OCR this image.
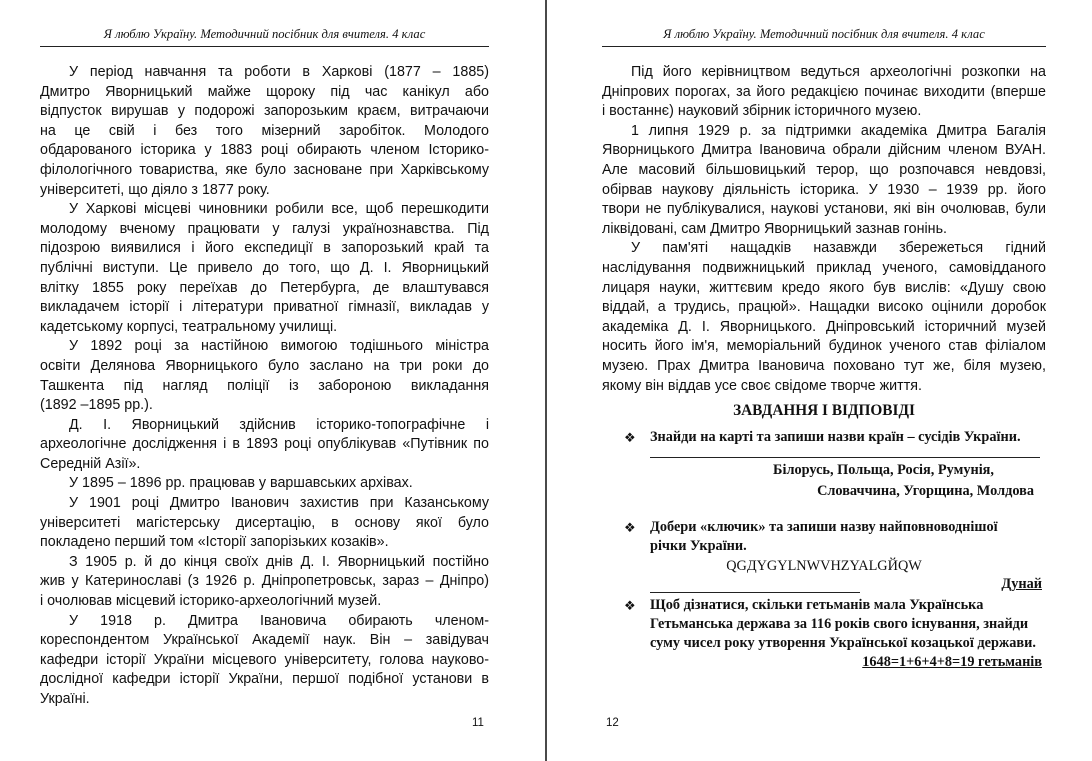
Я люблю Україну. Методичний посібник для вчителя. 4 клас

У період навчання та роботи в Харкові (1877 – 1885)
Дмитро Яворницький майже щороку під час канікул або
відпусток вирушав у подорожі запорозьким краєм, витрачаючи
на це свій і без того мізерний заробіток. Молодого
обдарованого історика у 1883 році обирають членом Історико-
філологічного товариства, яке було засноване при Харківському
університеті, що діяло з 1877 року.

У Харкові місцеві чиновники робили все, щоб перешкодити
молодому вченому працювати у галузі українознавства. Під
підозрою виявилися і його експедиції в запорозький край та
публічні виступи. Це привело до того, що Д. І. Яворницький
влітку 1855 року переїхав до Петербурга, де влаштувався
викладачем історії і літератури приватної гімназії, викладав у
кадетському корпусі, театральному училищі.

У 1892 році за настійною вимогою тодішнього міністра
освіти Делянова Яворницького було заслано на три роки до
Ташкента під нагляд поліції із забороною викладання
(1892 –1895 рр.).

Д. І. Яворницький здійснив історико-топографічне і
археологічне дослідження і в 1893 році опублікував «Путівник по
Середній Азії».

У 1895 – 1896 рр. працював у варшавських архівах.

У 1901 році Дмитро Іванович захистив при Казанському
університеті магістерську дисертацію, в основу якої було
покладено перший том «Історії запорізьких козаків».

З 1905 р. й до кінця своїх днів Д. І. Яворницький постійно
жив у Катеринославі (з 1926 р. Дніпропетровськ, зараз – Дніпро)
і очолював місцевий історико-археологічний музей.

У 1918 р. Дмитра Івановича обирають членом-
кореспондентом Української Академії наук. Він – завідувач
кафедри історії України місцевого університету, голова науково-
дослідної кафедри історії України, першої подібної установи в
Україні.

11
Я люблю Україну. Методичний посібник для вчителя. 4 клас

Під його керівництвом ведуться археологічні розкопки на
Дніпрових порогах, за його редакцією починає виходити (вперше
і востаннє) науковий збірник історичного музею.

1 липня 1929 р. за підтримки академіка Дмитра Багалія
Яворницького Дмитра Івановича обрали дійсним членом ВУАН.
Але масовий більшовицький терор, що розпочався невдовзі,
обірвав наукову діяльність історика. У 1930 – 1939 рр. його
твори не публікувалися, наукові установи, які він очолював, були
ліквідовані, сам Дмитро Яворницький зазнав гонінь.

У пам'яті нащадків назавжди збережеться гідний
наслідування подвижницький приклад ученого, самовідданого
лицаря науки, життєвим кредо якого був вислів: «Душу свою
віддай, а трудись, працюй». Нащадки високо оцінили доробок
академіка Д. І. Яворницького. Дніпровський історичний музей
носить його ім'я, меморіальний будинок ученого став філіалом
музею. Прах Дмитра Івановича поховано тут же, біля музею,
якому він віддав усе своє свідоме творче життя.

ЗАВДАННЯ І ВІДПОВІДІ
❖ Знайди на карті та запиши назви країн – сусідів України.
Білорусь, Польща, Росія, Румунія,
Словаччина, Угорщина, Молдова
❖ Добери «ключик» та запиши назву найповноводнішої
річки України.
QGДYGYLNWVHZYALGЙQW
Дунай
❖ Щоб дізнатися, скільки гетьманів мала Українська
Гетьманська держава за 116 років свого існування, знайди
суму чисел року утворення Української козацької держави.
1648=1+6+4+8=19 гетьманів
12
